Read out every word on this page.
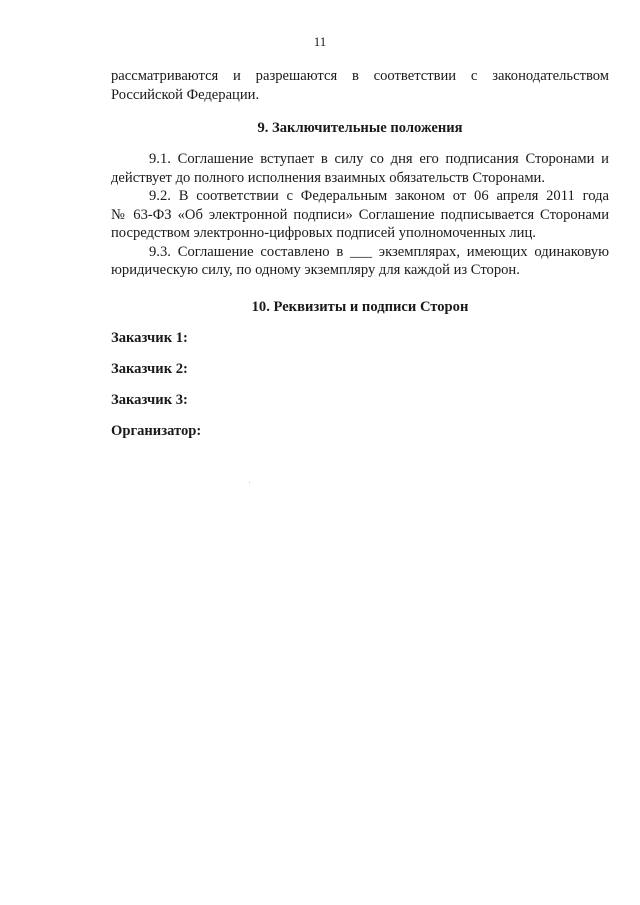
11
рассматриваются и разрешаются в соответствии с законодательством
Российской Федерации.
9. Заключительные положения
9.1. Соглашение вступает в силу со дня его подписания Сторонами и
действует до полного исполнения взаимных обязательств Сторонами.
9.2. В соответствии с Федеральным законом от 06 апреля 2011 года
№ 63-ФЗ «Об электронной подписи» Соглашение подписывается Сторонами
посредством электронно-цифровых подписей уполномоченных лиц.
9.3. Соглашение составлено в ___ экземплярах, имеющих одинаковую
юридическую силу, по одному экземпляру для каждой из Сторон.
10. Реквизиты и подписи Сторон
Заказчик 1:
Заказчик 2:
Заказчик 3:
Организатор:
